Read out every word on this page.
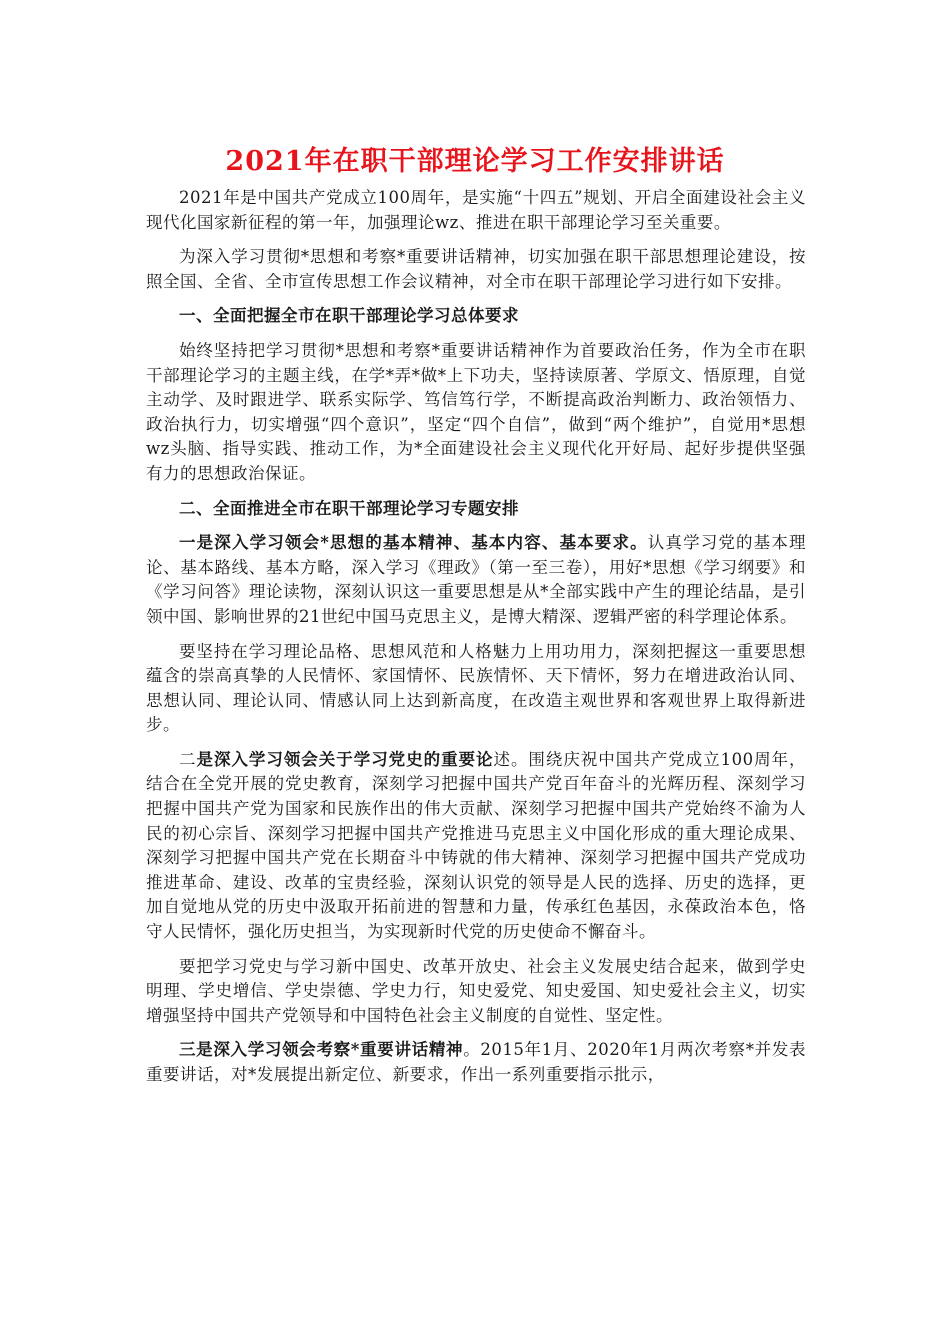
2021年在职干部理论学习工作安排讲话

2021年是中国共产党成立100周年，是实施“十四五”规划、开启全面建设社会主义现代化国家新征程的第一年，加强理论wz、推进在职干部理论学习至关重要。

为深入学习贯彻*思想和考察*重要讲话精神，切实加强在职干部思想理论建设，按照全国、全省、全市宣传思想工作会议精神，对全市在职干部理论学习进行如下安排。

一、全面把握全市在职干部理论学习总体要求

始终坚持把学习贯彻*思想和考察*重要讲话精神作为首要政治任务，作为全市在职干部理论学习的主题主线，在学*弄*做*上下功夫，坚持读原著、学原文、悟原理，自觉主动学、及时跟进学、联系实际学、笃信笃行学，不断提高政治判断力、政治领悟力、政治执行力，切实增强“四个意识”，坚定“四个自信”，做到“两个维护”，自觉用*思想wz头脑、指导实践、推动工作，为*全面建设社会主义现代化开好局、起好步提供坚强有力的思想政治保证。

二、全面推进全市在职干部理论学习专题安排

一是深入学习领会*思想的基本精神、基本内容、基本要求。认真学习党的基本理论、基本路线、基本方略，深入学习《理政》（第一至三卷），用好*思想《学习纲要》和《学习问答》理论读物，深刻认识这一重要思想是从*全部实践中产生的理论结晶，是引领中国、影响世界的21世纪中国马克思主义，是博大精深、逻辑严密的科学理论体系。

要坚持在学习理论品格、思想风范和人格魅力上用功用力，深刻把握这一重要思想蕴含的崇高真挚的人民情怀、家国情怀、民族情怀、天下情怀，努力在增进政治认同、思想认同、理论认同、情感认同上达到新高度，在改造主观世界和客观世界上取得新进步。

二是深入学习领会关于学习党史的重要论述。围绕庆祝中国共产党成立100周年，结合在全党开展的党史教育，深刻学习把握中国共产党百年奋斗的光辉历程、深刻学习把握中国共产党为国家和民族作出的伟大贡献、深刻学习把握中国共产党始终不渝为人民的初心宗旨、深刻学习把握中国共产党推进马克思主义中国化形成的重大理论成果、深刻学习把握中国共产党在长期奋斗中铸就的伟大精神、深刻学习把握中国共产党成功推进革命、建设、改革的宝贵经验，深刻认识党的领导是人民的选择、历史的选择，更加自觉地从党的历史中汲取开拓前进的智慧和力量，传承红色基因，永葆政治本色，恪守人民情怀，强化历史担当，为实现新时代党的历史使命不懈奋斗。

要把学习党史与学习新中国史、改革开放史、社会主义发展史结合起来，做到学史明理、学史增信、学史崇德、学史力行，知史爱党、知史爱国、知史爱社会主义，切实增强坚持中国共产党领导和中国特色社会主义制度的自觉性、坚定性。

三是深入学习领会考察*重要讲话精神。2015年1月、2020年1月两次考察*并发表重要讲话，对*发展提出新定位、新要求，作出一系列重要指示批示，
